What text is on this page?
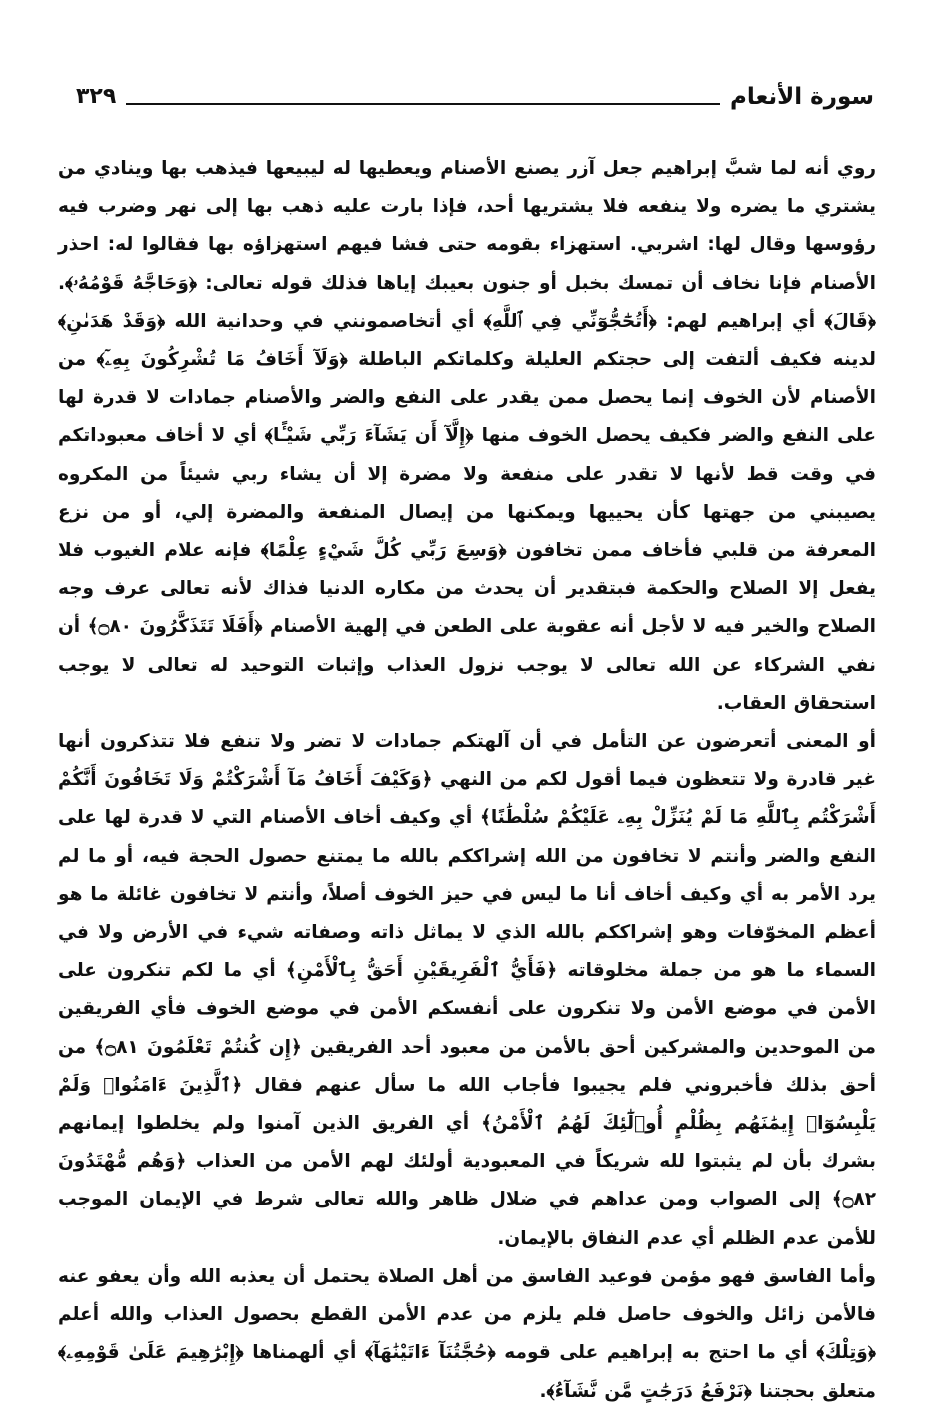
سورة الأنعام
٣٢٩

روي أنه لما شبَّ إبراهيم جعل آزر يصنع الأصنام ويعطيها له ليبيعها فيذهب بها وينادي من يشتري ما يضره ولا ينفعه فلا يشتريها أحد، فإذا بارت عليه ذهب بها إلى نهر وضرب فيه رؤوسها وقال لها: اشربي. استهزاء بقومه حتى فشا فيهم استهزاؤه بها فقالوا له: احذر الأصنام فإنا نخاف أن تمسك بخبل أو جنون بعيبك إياها فذلك قوله تعالى: ﴿وَحَاجَّهُ قَوْمُهُۥ﴾. ﴿قَالَ﴾ أي إبراهيم لهم: ﴿أَتُحَٰٓجُّوٓنِّي فِي ٱللَّهِ﴾ أي أتخاصمونني في وحدانية الله ﴿وَقَدْ هَدَىٰنِ﴾ لدينه فكيف ألتفت إلى حجتكم العليلة وكلماتكم الباطلة ﴿وَلَآ أَخَافُ مَا تُشْرِكُونَ بِهِۦٓ﴾ من الأصنام لأن الخوف إنما يحصل ممن يقدر على النفع والضر والأصنام جمادات لا قدرة لها على النفع والضر فكيف يحصل الخوف منها ﴿إِلَّآ أَن يَشَآءَ رَبِّي شَيْـًٔا﴾ أي لا أخاف معبوداتكم في وقت قط لأنها لا تقدر على منفعة ولا مضرة إلا أن يشاء ربي شيئاً من المكروه يصيبني من جهتها كأن يحييها ويمكنها من إيصال المنفعة والمضرة إلي، أو من نزع المعرفة من قلبي فأخاف ممن تخافون ﴿وَسِعَ رَبِّي كُلَّ شَيْءٍ عِلْمًا﴾ فإنه علام الغيوب فلا يفعل إلا الصلاح والحكمة فبتقدير أن يحدث من مكاره الدنيا فذاك لأنه تعالى عرف وجه الصلاح والخير فيه لا لأجل أنه عقوبة على الطعن في إلهية الأصنام ﴿أَفَلَا تَتَذَكَّرُونَ ۝٨٠﴾ أن نفي الشركاء عن الله تعالى لا يوجب نزول العذاب وإثبات التوحيد له تعالى لا يوجب استحقاق العقاب.

أو المعنى أتعرضون عن التأمل في أن آلهتكم جمادات لا تضر ولا تنفع فلا تتذكرون أنها غير قادرة ولا تتعظون فيما أقول لكم من النهي ﴿وَكَيْفَ أَخَافُ مَآ أَشْرَكْتُمْ وَلَا تَخَافُونَ أَنَّكُمْ أَشْرَكْتُم بِٱللَّهِ مَا لَمْ يُنَزِّلْ بِهِۦ عَلَيْكُمْ سُلْطَٰنًا﴾ أي وكيف أخاف الأصنام التي لا قدرة لها على النفع والضر وأنتم لا تخافون من الله إشراككم بالله ما يمتنع حصول الحجة فيه، أو ما لم يرد الأمر به أي وكيف أخاف أنا ما ليس في حيز الخوف أصلاً، وأنتم لا تخافون غائلة ما هو أعظم المخوّفات وهو إشراككم بالله الذي لا يماثل ذاته وصفاته شيء في الأرض ولا في السماء ما هو من جملة مخلوقاته ﴿فَأَيُّ ٱلْفَرِيقَيْنِ أَحَقُّ بِٱلْأَمْنِ﴾ أي ما لكم تنكرون على الأمن في موضع الأمن ولا تنكرون على أنفسكم الأمن في موضع الخوف فأي الفريقين من الموحدين والمشركين أحق بالأمن من معبود أحد الفريقين ﴿إِن كُنتُمْ تَعْلَمُونَ ۝٨١﴾ من أحق بذلك فأخبروني فلم يجيبوا فأجاب الله ما سأل عنهم فقال ﴿ٱلَّذِينَ ءَامَنُوا۟ وَلَمْ يَلْبِسُوٓا۟ إِيمَٰنَهُم بِظُلْمٍ أُو۟لَٰٓئِكَ لَهُمُ ٱلْأَمْنُ﴾ أي الفريق الذين آمنوا ولم يخلطوا إيمانهم بشرك بأن لم يثبتوا لله شريكاً في المعبودية أولئك لهم الأمن من العذاب ﴿وَهُم مُّهْتَدُونَ ۝٨٢﴾ إلى الصواب ومن عداهم في ضلال ظاهر والله تعالى شرط في الإيمان الموجب للأمن عدم الظلم أي عدم النفاق بالإيمان.

وأما الفاسق فهو مؤمن فوعيد الفاسق من أهل الصلاة يحتمل أن يعذبه الله وأن يعفو عنه فالأمن زائل والخوف حاصل فلم يلزم من عدم الأمن القطع بحصول العذاب والله أعلم ﴿وَتِلْكَ﴾ أي ما احتج به إبراهيم على قومه ﴿حُجَّتُنَآ ءَاتَيْنَٰهَآ﴾ أي ألهمناها ﴿إِبْرَٰهِيمَ عَلَىٰ قَوْمِهِۦ﴾ متعلق بحجتنا ﴿نَرْفَعُ دَرَجَٰتٍ مَّن نَّشَآءُ﴾.
